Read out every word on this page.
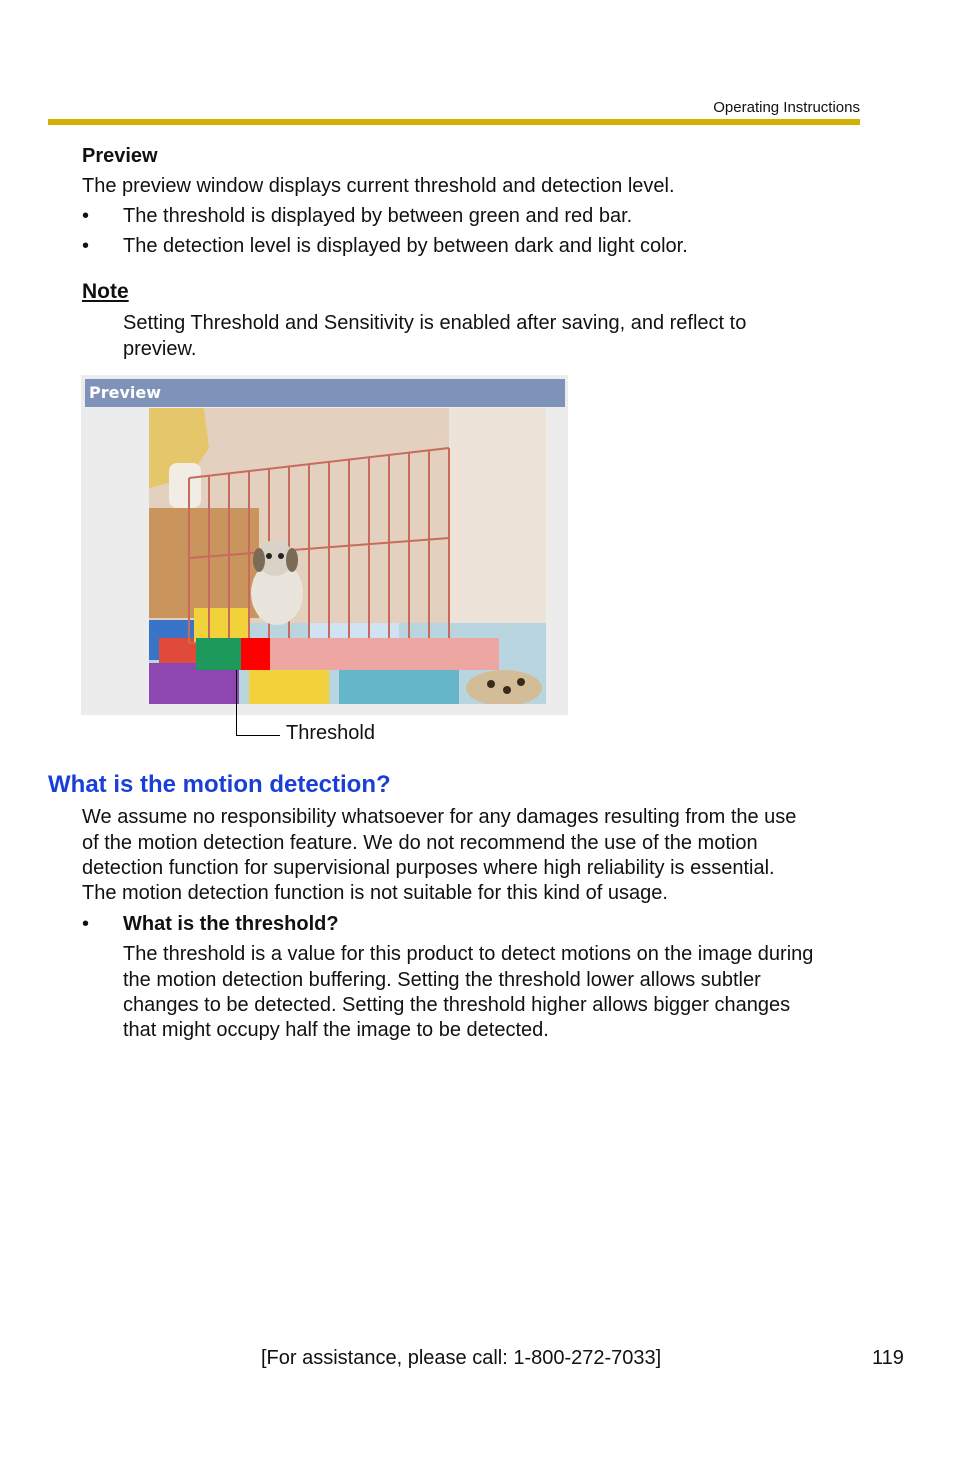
Operating Instructions
Preview
The preview window displays current threshold and detection level.
• The threshold is displayed by between green and red bar.
• The detection level is displayed by between dark and light color.
Note
Setting Threshold and Sensitivity is enabled after saving, and reflect to
preview.
Preview
Threshold
What is the motion detection?
We assume no responsibility whatsoever for any damages resulting from the use
of the motion detection feature. We do not recommend the use of the motion
detection function for supervisional purposes where high reliability is essential.
The motion detection function is not suitable for this kind of usage.
• What is the threshold?
The threshold is a value for this product to detect motions on the image during
the motion detection buffering. Setting the threshold lower allows subtler
changes to be detected. Setting the threshold higher allows bigger changes
that might occupy half the image to be detected.
[For assistance, please call: 1-800-272-7033]	119
